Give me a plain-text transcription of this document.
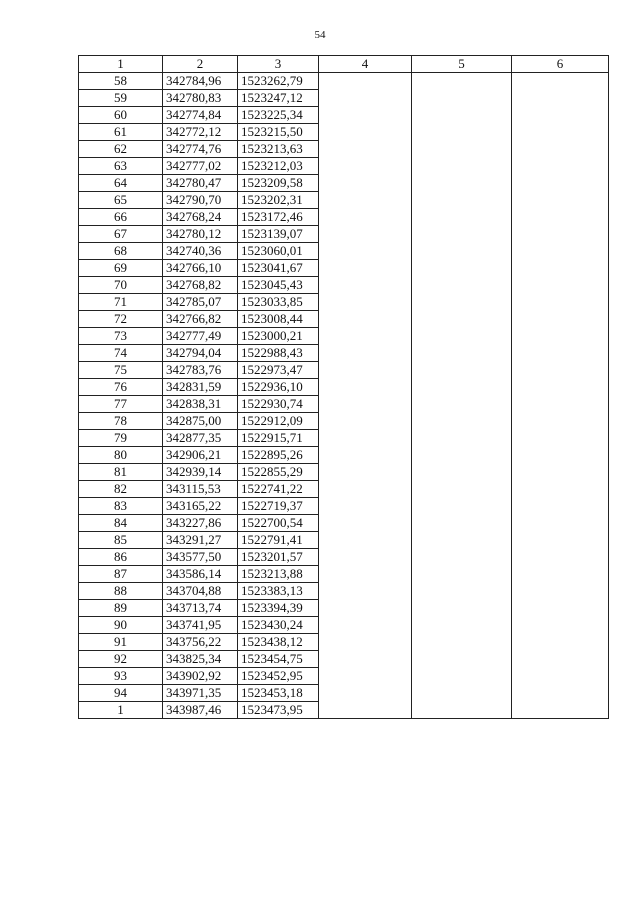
54
1	2	3	4	5	6
58	342784,96	1523262,79			
59	342780,83	1523247,12			
60	342774,84	1523225,34			
61	342772,12	1523215,50			
62	342774,76	1523213,63			
63	342777,02	1523212,03			
64	342780,47	1523209,58			
65	342790,70	1523202,31			
66	342768,24	1523172,46			
67	342780,12	1523139,07			
68	342740,36	1523060,01			
69	342766,10	1523041,67			
70	342768,82	1523045,43			
71	342785,07	1523033,85			
72	342766,82	1523008,44			
73	342777,49	1523000,21			
74	342794,04	1522988,43			
75	342783,76	1522973,47			
76	342831,59	1522936,10			
77	342838,31	1522930,74			
78	342875,00	1522912,09			
79	342877,35	1522915,71			
80	342906,21	1522895,26			
81	342939,14	1522855,29			
82	343115,53	1522741,22			
83	343165,22	1522719,37			
84	343227,86	1522700,54			
85	343291,27	1522791,41			
86	343577,50	1523201,57			
87	343586,14	1523213,88			
88	343704,88	1523383,13			
89	343713,74	1523394,39			
90	343741,95	1523430,24			
91	343756,22	1523438,12			
92	343825,34	1523454,75			
93	343902,92	1523452,95			
94	343971,35	1523453,18			
1	343987,46	1523473,95			
